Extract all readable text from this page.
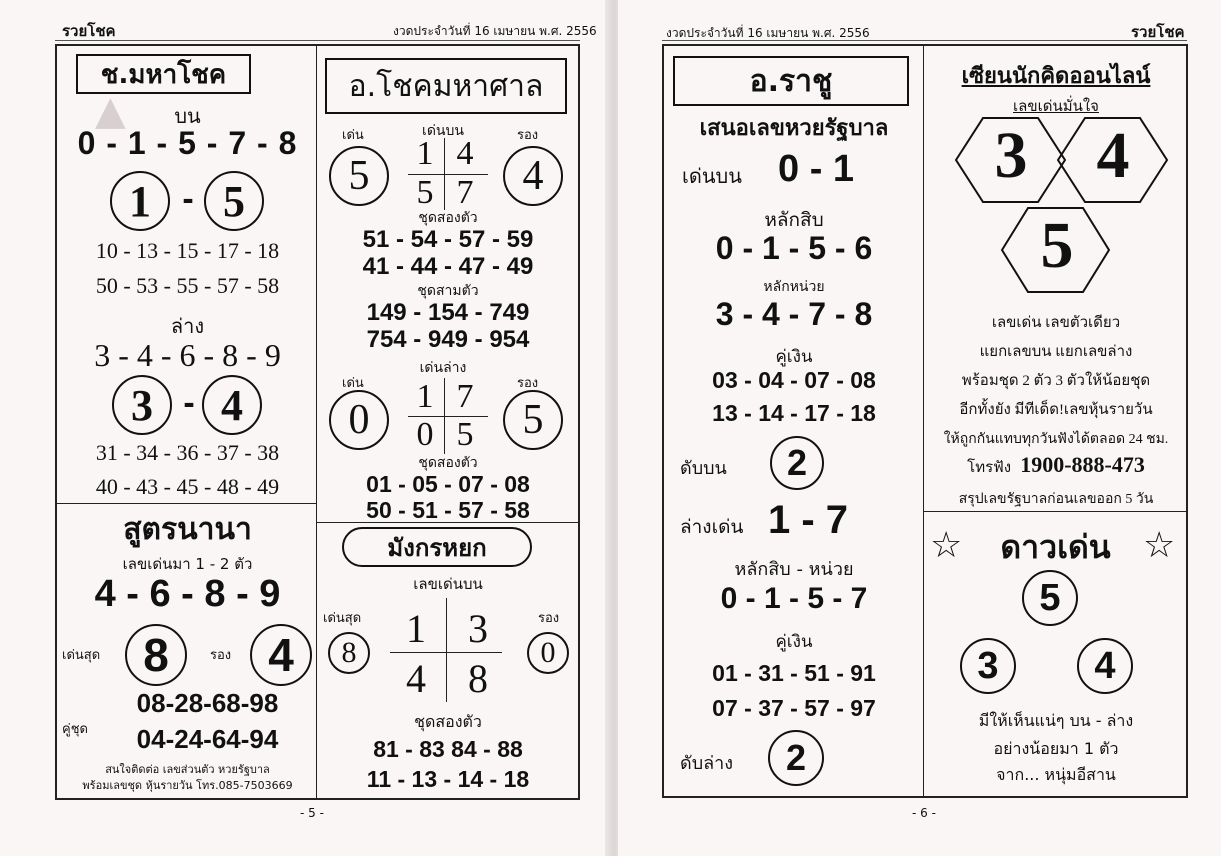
▲
รวยโชค	งวดประจำวันที่ 16 เมษายน พ.ศ. 2556
ช.มหาโชค
บน
0 - 1 - 5 - 7 - 8
1 - 5
10 - 13 - 15 - 17 - 18
50 - 53 - 55 - 57 - 58
ล่าง
3 - 4 - 6 - 8 - 9
3 - 4
31 - 34 - 36 - 37 - 38
40 - 43 - 45 - 48 - 49
สูตรนานา
เลขเด่นมา 1 - 2 ตัว
4 - 6 - 8 - 9
เด่นสุด 8	รอง 4
08-28-68-98
คู่ชุด	04-24-64-94
สนใจติดต่อ เลขส่วนตัว หวยรัฐบาล
พร้อมเลขชุด หุ้นรายวัน โทร.085-7503669
อ.โชคมหาศาล
เด่น	เด่นบน	รอง
5	1 4
5 7	4
ชุดสองตัว
51 - 54 - 57 - 59
41 - 44 - 47 - 49
ชุดสามตัว
149 - 154 - 749
754 - 949 - 954
เด่นล่าง
เด่น	รอง
0
1 7
0 5	5
ชุดสองตัว
01 - 05 - 07 - 08
50 - 51 - 57 - 58
มังกรหยก
เลขเด่นบน
เด่นสุด	รอง
8
1 3
4 8
0
ชุดสองตัว
81 - 83 84 - 88
11 - 13 - 14 - 18
- 5 -
งวดประจำวันที่ 16 เมษายน พ.ศ. 2556	รวยโชค
อ.ราชู
เสนอเลขหวยรัฐบาล
เด่นบน 0 - 1
หลักสิบ
0 - 1 - 5 - 6
หลักหน่วย
3 - 4 - 7 - 8
คู่เงิน
03 - 04 - 07 - 08
13 - 14 - 17 - 18
ดับบน	2
ล่างเด่น 1 - 7
หลักสิบ - หน่วย
0 - 1 - 5 - 7
คู่เงิน
01 - 31 - 51 - 91
07 - 37 - 57 - 97
ดับล่าง	2
เซียนนักคิดออนไลน์
เลขเด่นมั่นใจ
3	4
5
เลขเด่น เลขตัวเดียว
แยกเลขบน แยกเลขล่าง
พร้อมชุด 2 ตัว 3 ตัวให้น้อยชุด
อีกทั้งยัง มีทีเด็ด!เลขหุ้นรายวัน
ให้ถูกกันแทบทุกวันฟังได้ตลอด 24 ชม.
โทรฟัง 1900-888-473
สรุปเลขรัฐบาลก่อนเลขออก 5 วัน
☆	ดาวเด่น ☆
5
3	4
มีให้เห็นแน่ๆ บน - ล่าง
อย่างน้อยมา 1 ตัว
จาก... หนุ่มอีสาน
- 6 -
